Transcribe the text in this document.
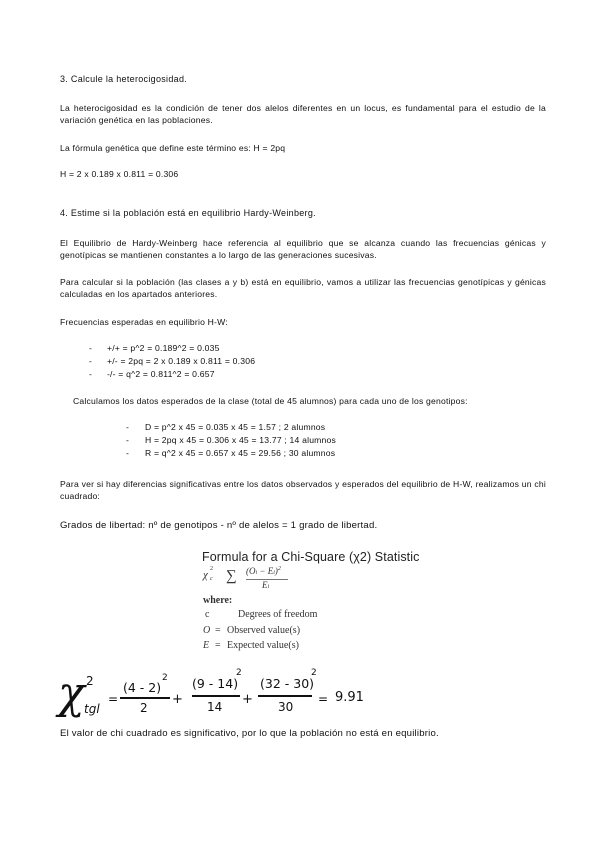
3. Calcule la heterocigosidad.
La heterocigosidad es la condición de tener dos alelos diferentes en un locus, es fundamental para el estudio de la variación genética en las poblaciones.
La fórmula genética que define este término es: H = 2pq
H = 2 x 0.189 x 0.811 = 0.306
4. Estime si la población está en equilibrio Hardy-Weinberg.
El Equilibrio de Hardy-Weinberg hace referencia al equilibrio que se alcanza cuando las frecuencias génicas y genotípicas se mantienen constantes a lo largo de las generaciones sucesivas.
Para calcular si la población (las clases a y b) está en equilibrio, vamos a utilizar las frecuencias genotípicas y génicas calculadas en los apartados anteriores.
Frecuencias esperadas en equilibrio H-W:
- +/+ = p^2 = 0.189^2 = 0.035
- +/- = 2pq = 2 x 0.189 x 0.811 = 0.306
- -/- = q^2 = 0.811^2 = 0.657
Calculamos los datos esperados de la clase (total de 45 alumnos) para cada uno de los genotipos:
- D = p^2 x 45 = 0.035 x 45 = 1.57 ; 2 alumnos
- H = 2pq x 45 = 0.306 x 45 = 13.77 ; 14 alumnos
- R = q^2 x 45 = 0.657 x 45 = 29.56 ; 30 alumnos
Para ver si hay diferencias significativas entre los datos observados y esperados del equilibrio de H-W, realizamos un chi cuadrado:
Grados de libertad: nº de genotipos - nº de alelos = 1 grado de libertad.
Formula for a Chi-Square (χ2) Statistic
χ 2
c ∑ $(Oi - Ei)^2$
Ei
where:
c	Degrees of freedom
O = Observed value(s)
E = Expected value(s)
χ 2
tgl
=
(4 - 2)
2
2
+
(9 - 14)
2
14 +
(32 - 30)
2
30
= 9.91
El valor de chi cuadrado es significativo, por lo que la población no está en equilibrio.
